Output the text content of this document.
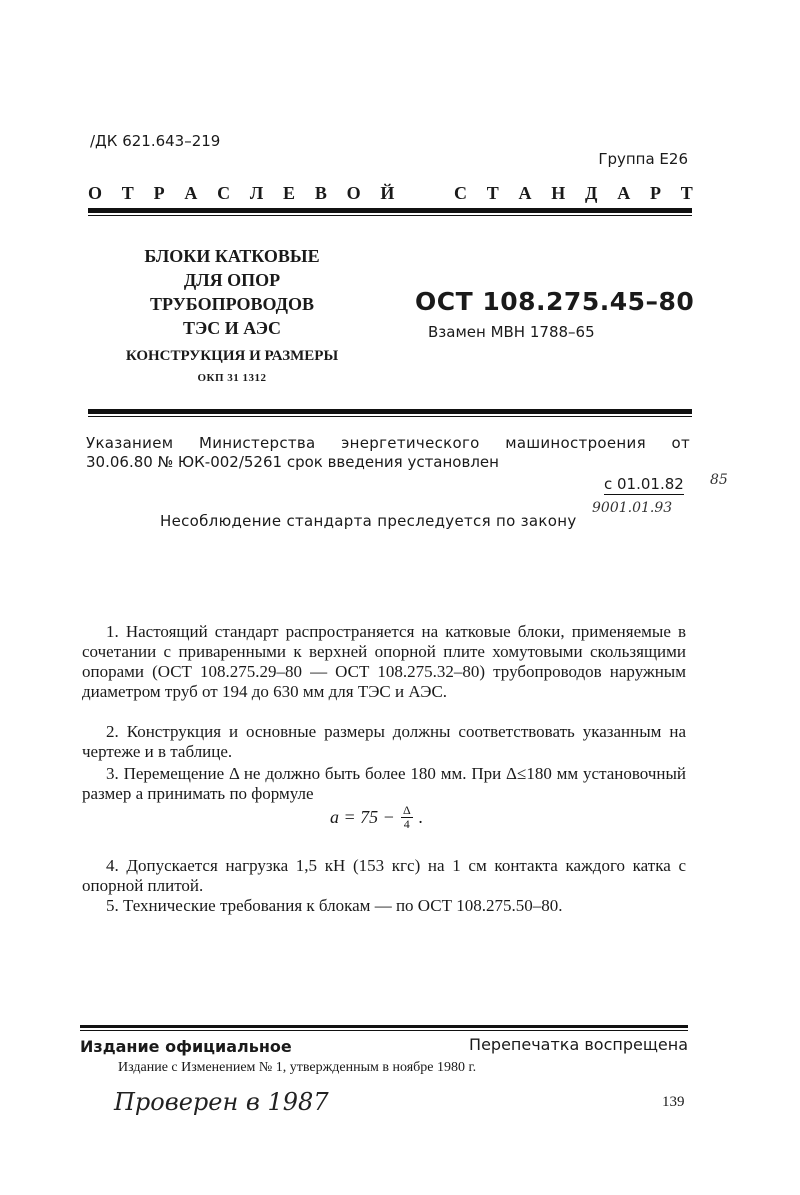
/ДК 621.643–219
Группа Е26
О Т Р А С Л Е В О Й	С Т А Н Д А Р Т
БЛОКИ КАТКОВЫЕ
ДЛЯ ОПОР
ТРУБОПРОВОДОВ
ТЭС И АЭС
КОНСТРУКЦИЯ И РАЗМЕРЫ
ОКП 31 1312
ОСТ 108.275.45–80
Взамен МВН 1788–65
Указанием Министерства энергетического машиностроения от
30.06.80 № ЮК-002/5261 срок введения установлен
с 01.01.82 85
9001.01.93
Несоблюдение стандарта преследуется по закону
1. Настоящий стандарт распространяется на катковые блоки, применяемые в сочетании с приваренными к верхней опорной плите хомутовыми скользящими опорами (ОСТ 108.275.29–80 — ОСТ 108.275.32–80) трубопроводов наружным диаметром труб от 194 до 630 мм для ТЭС и АЭС.
2. Конструкция и основные размеры должны соответствовать указанным на чертеже и в таблице.
3. Перемещение Δ не должно быть более 180 мм. При Δ≤180 мм установочный размер a принимать по формуле
$a = 75 - \frac{\Delta}{4}$ .
4. Допускается нагрузка 1,5 кН (153 кгс) на 1 см контакта каждого катка с опорной плитой.
5. Технические требования к блокам — по ОСТ 108.275.50–80.
Издание официальное	Перепечатка воспрещена
Издание с Изменением № 1, утвержденным в ноябре 1980 г.
Проверен в 1987	139
